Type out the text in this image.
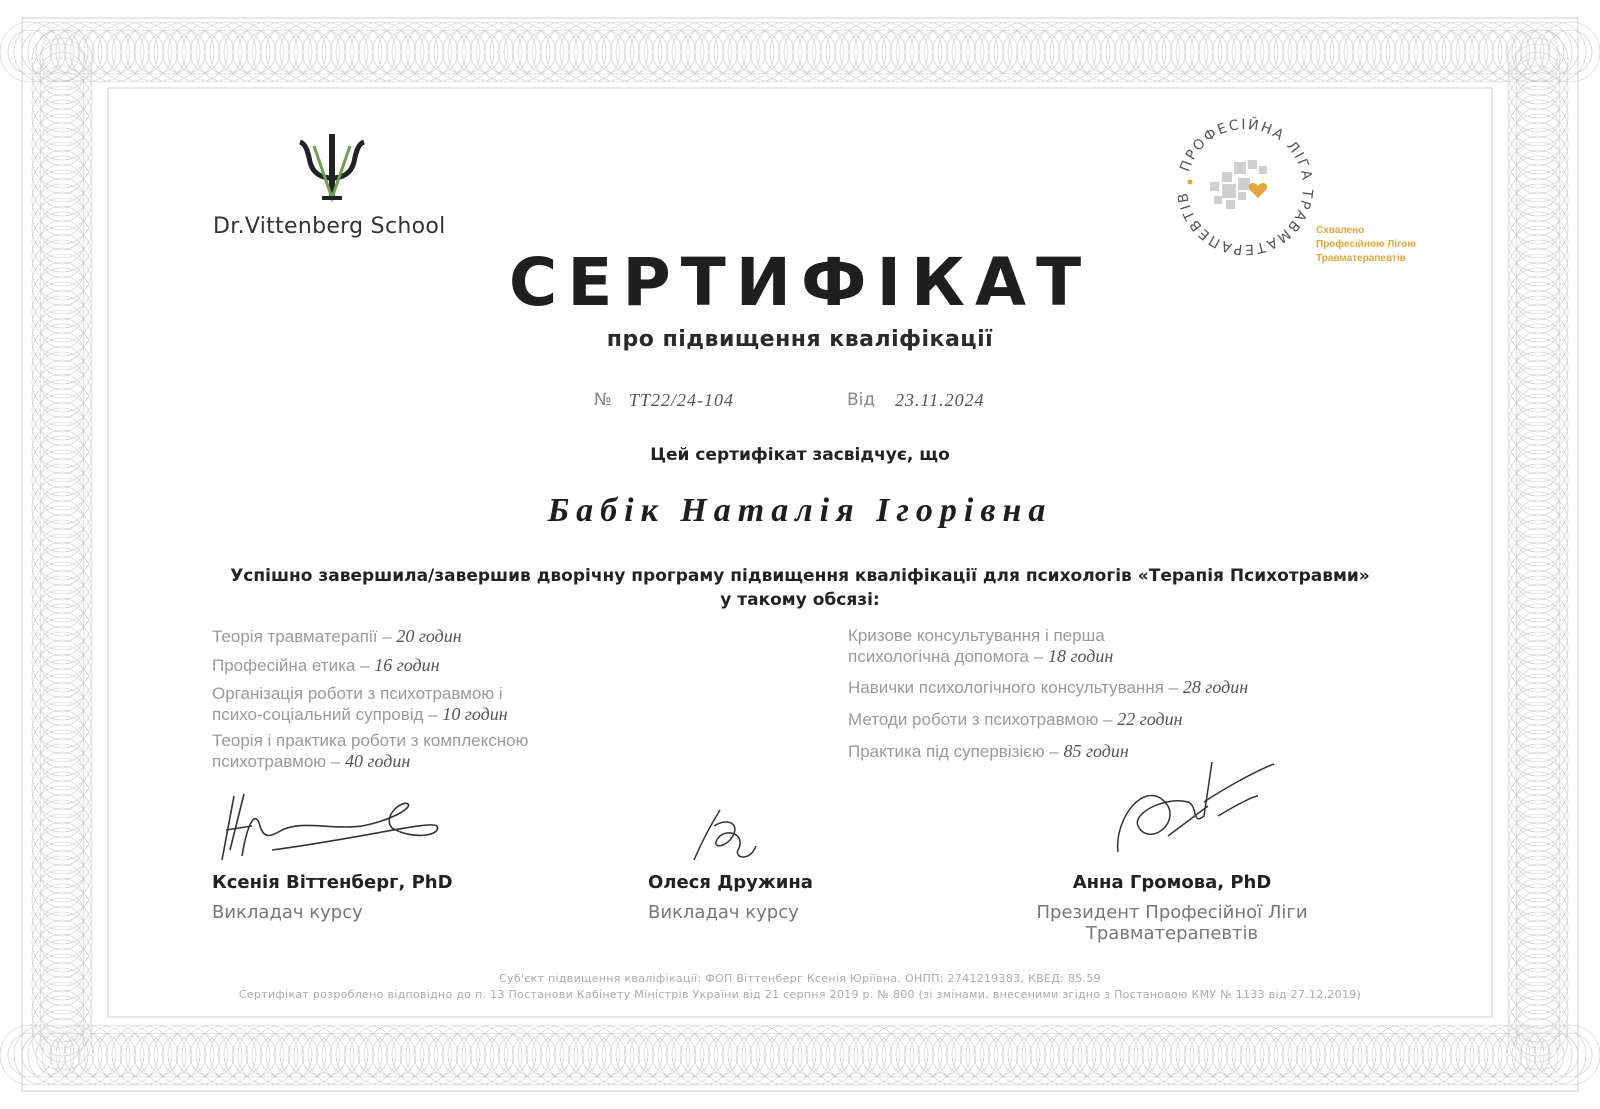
Dr.Vittenberg School
ПРОФЕСІЙНА ЛІГА ТРАВМАТЕРАПЕВТІВ
Схвалено
Професійною Лігою
Травматерапевтів
СЕРТИФІКАТ
про підвищення кваліфікації
№ ТТ22/24-104	Від 23.11.2024
Цей сертифікат засвідчує, що
Бабік Наталія Ігорівна
Успішно завершила/завершив дворічну програму підвищення кваліфікації для психологів «Терапія Психотравми»
у такому обсязі:
Теорія травматерапії – 20 годин
Професійна етика – 16 годин
Організація роботи з психотравмою і
психо-соціальний супровід – 10 годин
Теорія і практика роботи з комплексною
психотравмою – 40 годин
Кризове консультування і перша
психологічна допомога – 18 годин
Навички психологічного консультування – 28 годин
Методи роботи з психотравмою – 22 годин
Практика під супервізією – 85 годин
Ксенія Віттенберг, PhD
Викладач курсу
Олеся Дружина
Викладач курсу
Анна Громова, PhD
Президент Професійної Ліги Травматерапевтів
Суб'єкт підвищення кваліфікації: ФОП Віттенберг Ксенія Юріївна. ОНПП: 2741219383, КВЕД: 85.59
Сертифікат розроблено відповідно до п. 13 Постанови Кабінету Міністрів України від 21 серпня 2019 р. № 800 (зі змінами, внесеними згідно з Постановою КМУ № 1133 від 27.12.2019)
